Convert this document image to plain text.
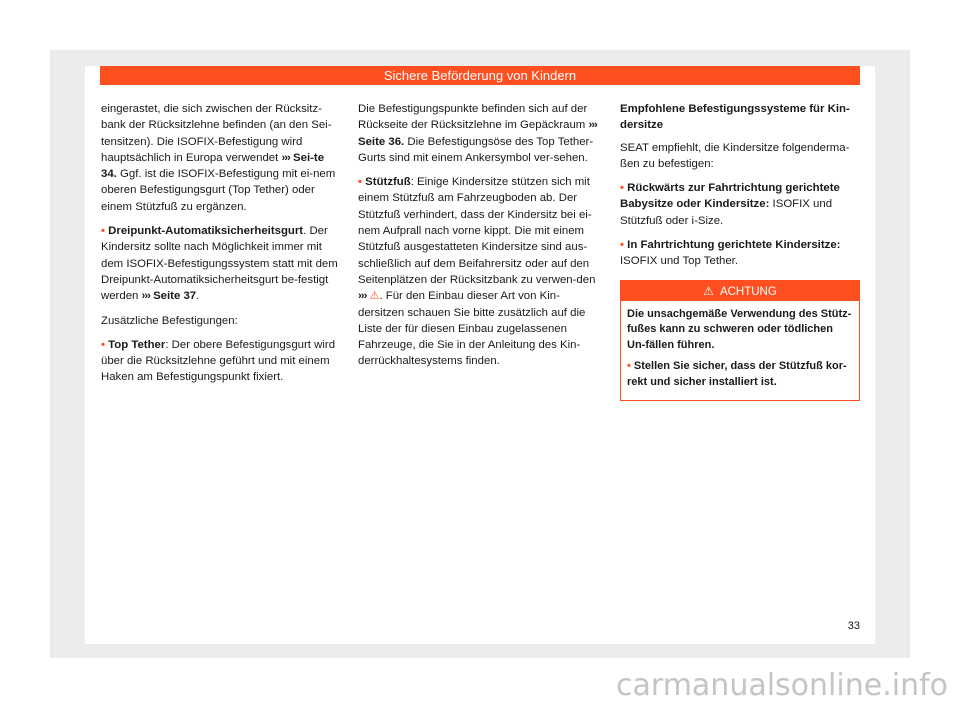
Sichere Beförderung von Kindern

eingerastet, die sich zwischen der Rücksitz-bank der Rücksitzlehne befinden (an den Sei-tensitzen). Die ISOFIX-Befestigung wird hauptsächlich in Europa verwendet ››› Sei-te 34. Ggf. ist die ISOFIX-Befestigung mit ei-nem oberen Befestigungsgurt (Top Tether) oder einem Stützfuß zu ergänzen.

• Dreipunkt-Automatiksicherheitsgurt. Der Kindersitz sollte nach Möglichkeit immer mit dem ISOFIX-Befestigungssystem statt mit dem Dreipunkt-Automatiksicherheitsgurt be-festigt werden ››› Seite 37.

Zusätzliche Befestigungen:

• Top Tether: Der obere Befestigungsgurt wird über die Rücksitzlehne geführt und mit einem Haken am Befestigungspunkt fixiert.

Die Befestigungspunkte befinden sich auf der Rückseite der Rücksitzlehne im Gepäckraum ››› Seite 36. Die Befestigungsöse des Top Tether-Gurts sind mit einem Ankersymbol ver-sehen.

• Stützfuß: Einige Kindersitze stützen sich mit einem Stützfuß am Fahrzeugboden ab. Der Stützfuß verhindert, dass der Kindersitz bei ei-nem Aufprall nach vorne kippt. Die mit einem Stützfuß ausgestatteten Kindersitze sind aus-schließlich auf dem Beifahrersitz oder auf den Seitenplätzen der Rücksitzbank zu verwen-den ››› ⚠. Für den Einbau dieser Art von Kin-dersitzen schauen Sie bitte zusätzlich auf die Liste der für diesen Einbau zugelassenen Fahrzeuge, die Sie in der Anleitung des Kin-derrückhaltesystems finden.

Empfohlene Befestigungssysteme für Kin-dersitze

SEAT empfiehlt, die Kindersitze folgenderma-ßen zu befestigen:

• Rückwärts zur Fahrtrichtung gerichtete Babysitze oder Kindersitze: ISOFIX und Stützfuß oder i-Size.

• In Fahrtrichtung gerichtete Kindersitze: ISOFIX und Top Tether.

⚠ ACHTUNG

Die unsachgemäße Verwendung des Stütz-fußes kann zu schweren oder tödlichen Un-fällen führen.

• Stellen Sie sicher, dass der Stützfuß kor-rekt und sicher installiert ist.

33
carmanualsonline.info
